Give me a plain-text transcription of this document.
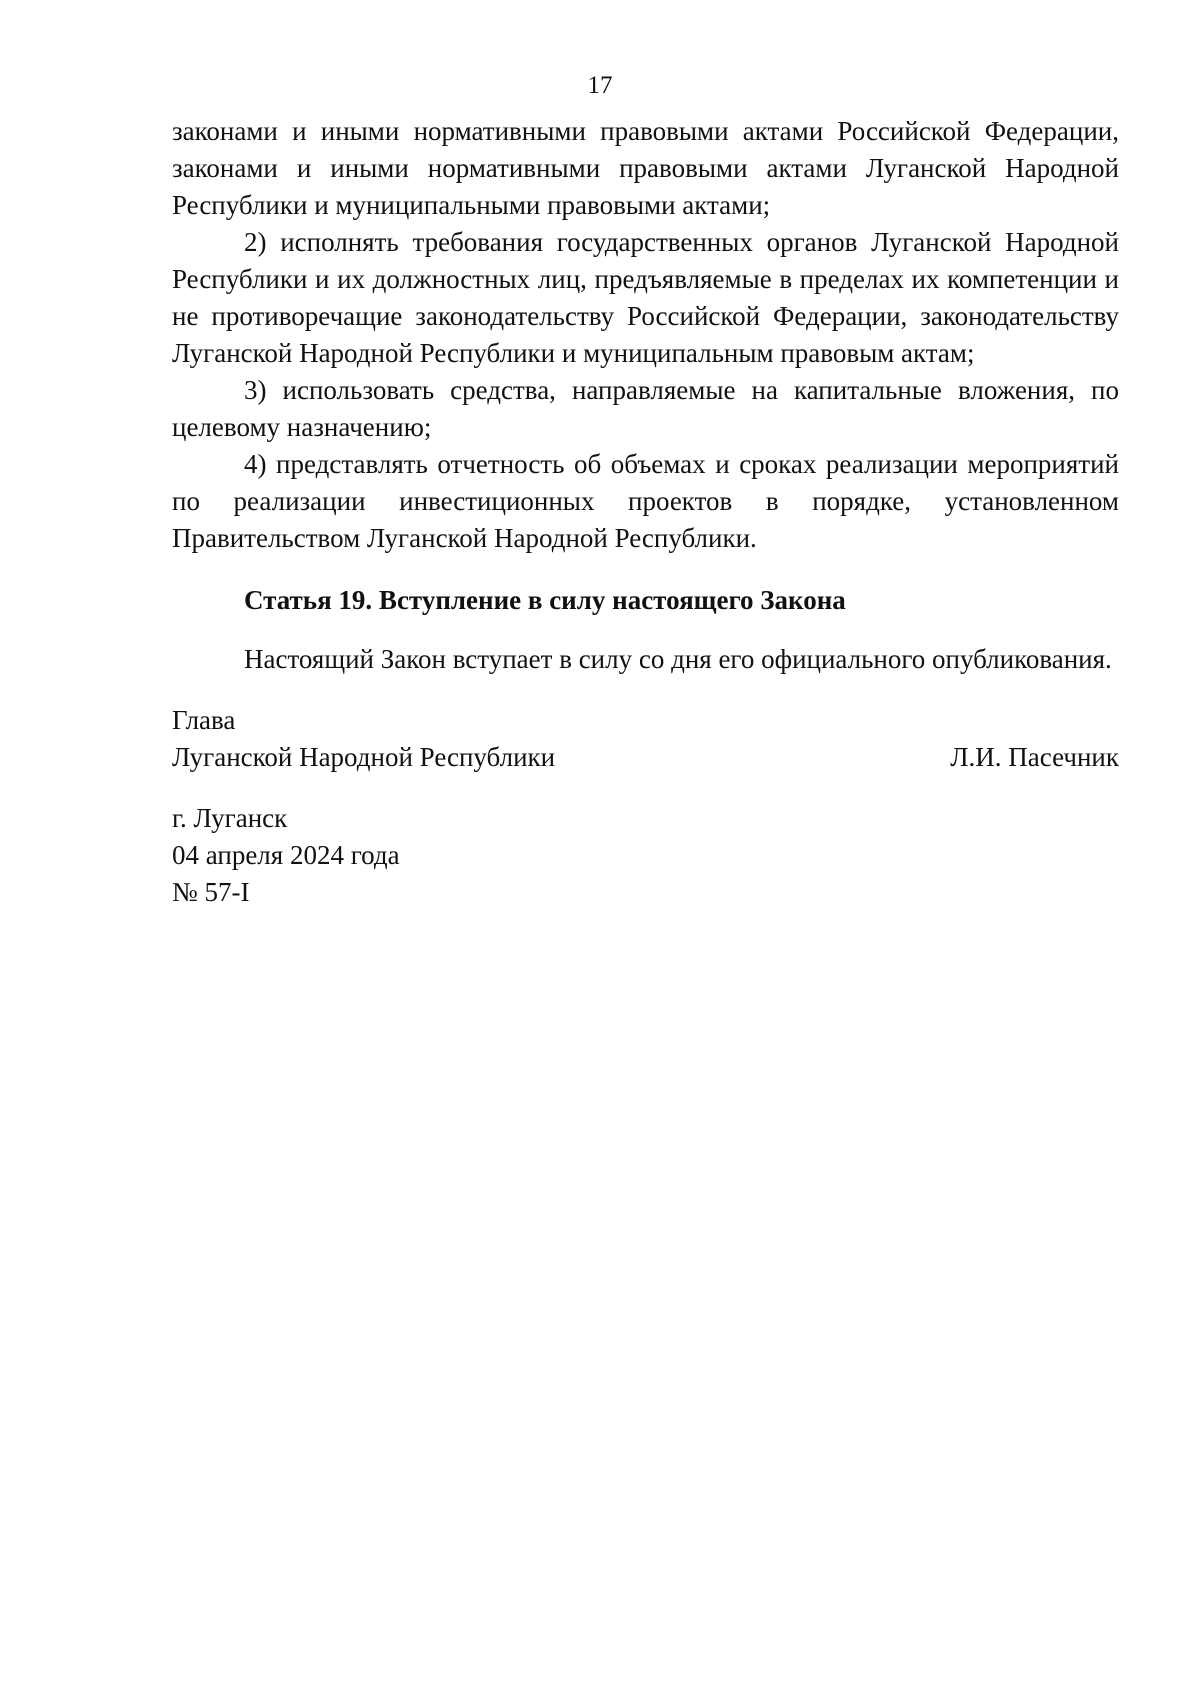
17

законами и иными нормативными правовыми актами Российской Федерации, законами и иными нормативными правовыми актами Луганской Народной Республики и муниципальными правовыми актами;

2) исполнять требования государственных органов Луганской Народной Республики и их должностных лиц, предъявляемые в пределах их компетенции и не противоречащие законодательству Российской Федерации, законодательству Луганской Народной Республики и муниципальным правовым актам;

3) использовать средства, направляемые на капитальные вложения, по целевому назначению;

4) представлять отчетность об объемах и сроках реализации мероприятий по реализации инвестиционных проектов в порядке, установленном Правительством Луганской Народной Республики.

Статья 19. Вступление в силу настоящего Закона

Настоящий Закон вступает в силу со дня его официального опубликования.

Глава
Луганской Народной Республики	Л.И. Пасечник
г. Луганск
04 апреля 2024 года
№ 57-I
